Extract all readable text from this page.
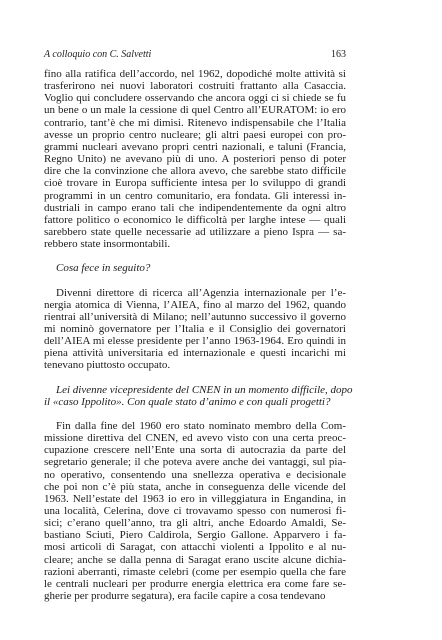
A colloquio con C. Salvetti	163
fino alla ratifica dell’accordo, nel 1962, dopodiché molte attività si
trasferirono nei nuovi laboratori costruiti frattanto alla Casaccia.
Voglio qui concludere osservando che ancora oggi ci si chiede se fu
un bene o un male la cessione di quel Centro all’EURATOM: io ero
contrario, tant’è che mi dimisi. Ritenevo indispensabile che l’Italia
avesse un proprio centro nucleare; gli altri paesi europei con pro-
grammi nucleari avevano propri centri nazionali, e taluni (Francia,
Regno Unito) ne avevano più di uno. A posteriori penso di poter
dire che la convinzione che allora avevo, che sarebbe stato difficile
cioè trovare in Europa sufficiente intesa per lo sviluppo di grandi
programmi in un centro comunitario, era fondata. Gli interessi in-
dustriali in campo erano tali che indipendentemente da ogni altro
fattore politico o economico le difficoltà per larghe intese — quali
sarebbero state quelle necessarie ad utilizzare a pieno Ispra — sa-
rebbero state insormontabili.
Cosa fece in seguito?
Divenni direttore di ricerca all’Agenzia internazionale per l’e-
nergia atomica di Vienna, l’AIEA, fino al marzo del 1962, quando
rientrai all’università di Milano; nell’autunno successivo il governo
mi nominò governatore per l’Italia e il Consiglio dei governatori
dell’AIEA mi elesse presidente per l’anno 1963-1964. Ero quindi in
piena attività universitaria ed internazionale e questi incarichi mi
tenevano piuttosto occupato.
Lei divenne vicepresidente del CNEN in un momento difficile, dopo
il «caso Ippolito». Con quale stato d’animo e con quali progetti?
Fin dalla fine del 1960 ero stato nominato membro della Com-
missione direttiva del CNEN, ed avevo visto con una certa preoc-
cupazione crescere nell’Ente una sorta di autocrazia da parte del
segretario generale; il che poteva avere anche dei vantaggi, sul pia-
no operativo, consentendo una snellezza operativa e decisionale
che poi non c’è più stata, anche in conseguenza delle vicende del
1963. Nell’estate del 1963 io ero in villeggiatura in Engandina, in
una località, Celerina, dove ci trovavamo spesso con numerosi fi-
sici; c’erano quell’anno, tra gli altri, anche Edoardo Amaldi, Se-
bastiano Sciuti, Piero Caldirola, Sergio Gallone. Apparvero i fa-
mosi articoli di Saragat, con attacchi violenti a Ippolito e al nu-
cleare; anche se dalla penna di Saragat erano uscite alcune dichia-
razioni aberranti, rimaste celebri (come per esempio quella che fare
le centrali nucleari per produrre energia elettrica era come fare se-
gherie per produrre segatura), era facile capire a cosa tendevano
